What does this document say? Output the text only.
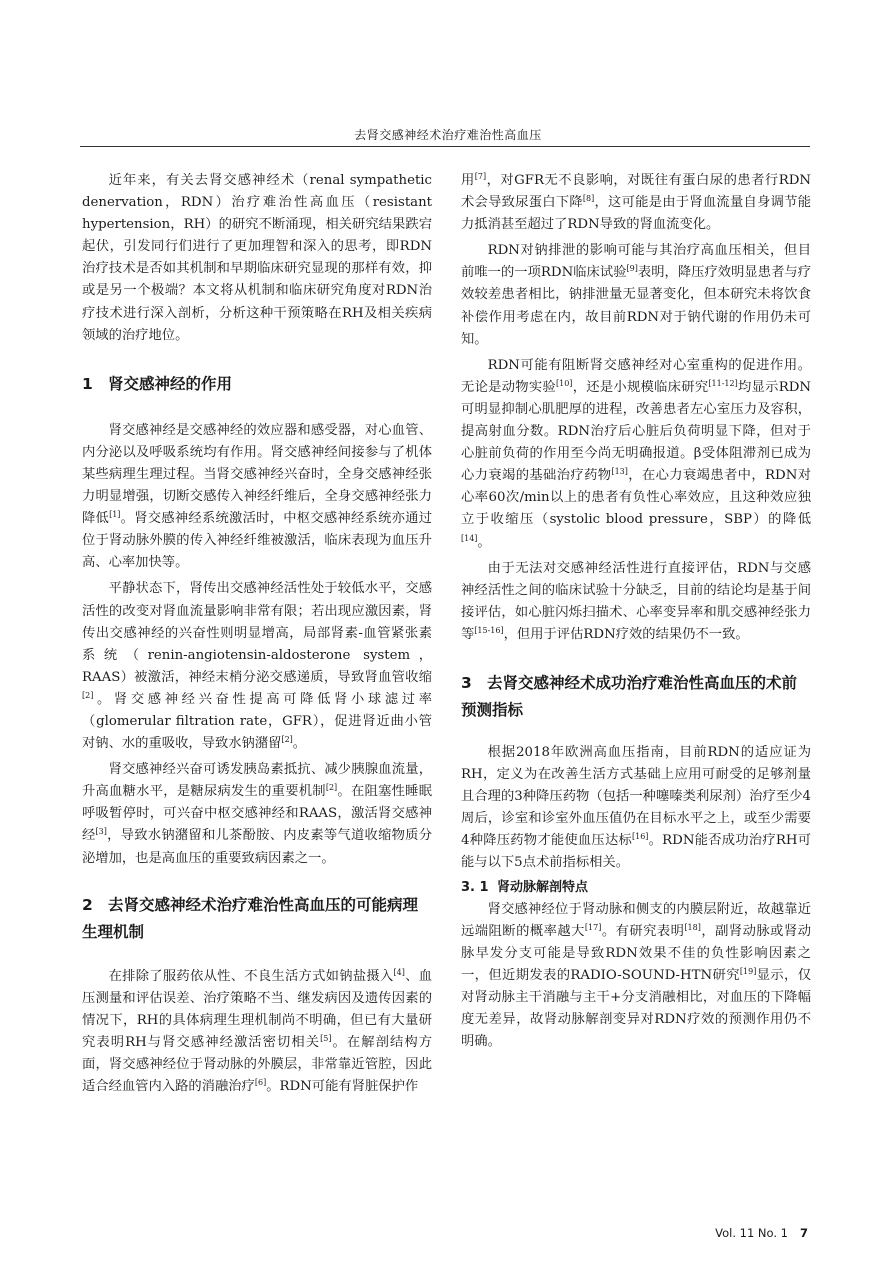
去肾交感神经术治疗难治性高血压

近年来，有关去肾交感神经术（renal sympathetic denervation，RDN）治疗难治性高血压（resistant hypertension，RH）的研究不断涌现，相关研究结果跌宕起伏，引发同行们进行了更加理智和深入的思考，即RDN治疗技术是否如其机制和早期临床研究显现的那样有效，抑或是另一个极端？本文将从机制和临床研究角度对RDN治疗技术进行深入剖析，分析这种干预策略在RH及相关疾病领域的治疗地位。

1 肾交感神经的作用

肾交感神经是交感神经的效应器和感受器，对心血管、内分泌以及呼吸系统均有作用。肾交感神经间接参与了机体某些病理生理过程。当肾交感神经兴奋时，全身交感神经张力明显增强，切断交感传入神经纤维后，全身交感神经张力降低[1]。肾交感神经系统激活时，中枢交感神经系统亦通过位于肾动脉外膜的传入神经纤维被激活，临床表现为血压升高、心率加快等。

平静状态下，肾传出交感神经活性处于较低水平，交感活性的改变对肾血流量影响非常有限；若出现应激因素，肾传出交感神经的兴奋性则明显增高，局部肾素-血管紧张素系统（renin-angiotensin-aldosterone system，RAAS）被激活，神经末梢分泌交感递质，导致肾血管收缩[2]。肾交感神经兴奋性提高可降低肾小球滤过率（glomerular filtration rate，GFR），促进肾近曲小管对钠、水的重吸收，导致水钠潴留[2]。

肾交感神经兴奋可诱发胰岛素抵抗、减少胰腺血流量，升高血糖水平，是糖尿病发生的重要机制[2]。在阻塞性睡眠呼吸暂停时，可兴奋中枢交感神经和RAAS，激活肾交感神经[3]，导致水钠潴留和儿茶酚胺、内皮素等气道收缩物质分泌增加，也是高血压的重要致病因素之一。

2 去肾交感神经术治疗难治性高血压的可能病理生理机制

在排除了服药依从性、不良生活方式如钠盐摄入[4]、血压测量和评估误差、治疗策略不当、继发病因及遗传因素的情况下，RH的具体病理生理机制尚不明确，但已有大量研究表明RH与肾交感神经激活密切相关[5]。在解剖结构方面，肾交感神经位于肾动脉的外膜层，非常靠近管腔，因此适合经血管内入路的消融治疗[6]。RDN可能有肾脏保护作

用[7]，对GFR无不良影响，对既往有蛋白尿的患者行RDN术会导致尿蛋白下降[8]，这可能是由于肾血流量自身调节能力抵消甚至超过了RDN导致的肾血流变化。

RDN对钠排泄的影响可能与其治疗高血压相关，但目前唯一的一项RDN临床试验[9]表明，降压疗效明显患者与疗效较差患者相比，钠排泄量无显著变化，但本研究未将饮食补偿作用考虑在内，故目前RDN对于钠代谢的作用仍未可知。

RDN可能有阻断肾交感神经对心室重构的促进作用。无论是动物实验[10]，还是小规模临床研究[11-12]均显示RDN可明显抑制心肌肥厚的进程，改善患者左心室压力及容积，提高射血分数。RDN治疗后心脏后负荷明显下降，但对于心脏前负荷的作用至今尚无明确报道。β受体阻滞剂已成为心力衰竭的基础治疗药物[13]，在心力衰竭患者中，RDN对心率60次/min以上的患者有负性心率效应，且这种效应独立于收缩压（systolic blood pressure，SBP）的降低[14]。

由于无法对交感神经活性进行直接评估，RDN与交感神经活性之间的临床试验十分缺乏，目前的结论均是基于间接评估，如心脏闪烁扫描术、心率变异率和肌交感神经张力等[15-16]，但用于评估RDN疗效的结果仍不一致。

3 去肾交感神经术成功治疗难治性高血压的术前预测指标

根据2018年欧洲高血压指南，目前RDN的适应证为RH，定义为在改善生活方式基础上应用可耐受的足够剂量且合理的3种降压药物（包括一种噻嗪类利尿剂）治疗至少4周后，诊室和诊室外血压值仍在目标水平之上，或至少需要4种降压药物才能使血压达标[16]。RDN能否成功治疗RH可能与以下5点术前指标相关。

3. 1 肾动脉解剖特点

肾交感神经位于肾动脉和侧支的内膜层附近，故越靠近远端阻断的概率越大[17]。有研究表明[18]，副肾动脉或肾动脉早发分支可能是导致RDN效果不佳的负性影响因素之一，但近期发表的RADIO-SOUND-HTN研究[19]显示，仅对肾动脉主干消融与主干+分支消融相比，对血压的下降幅度无差异，故肾动脉解剖变异对RDN疗效的预测作用仍不明确。

Vol. 11 No. 1 7
